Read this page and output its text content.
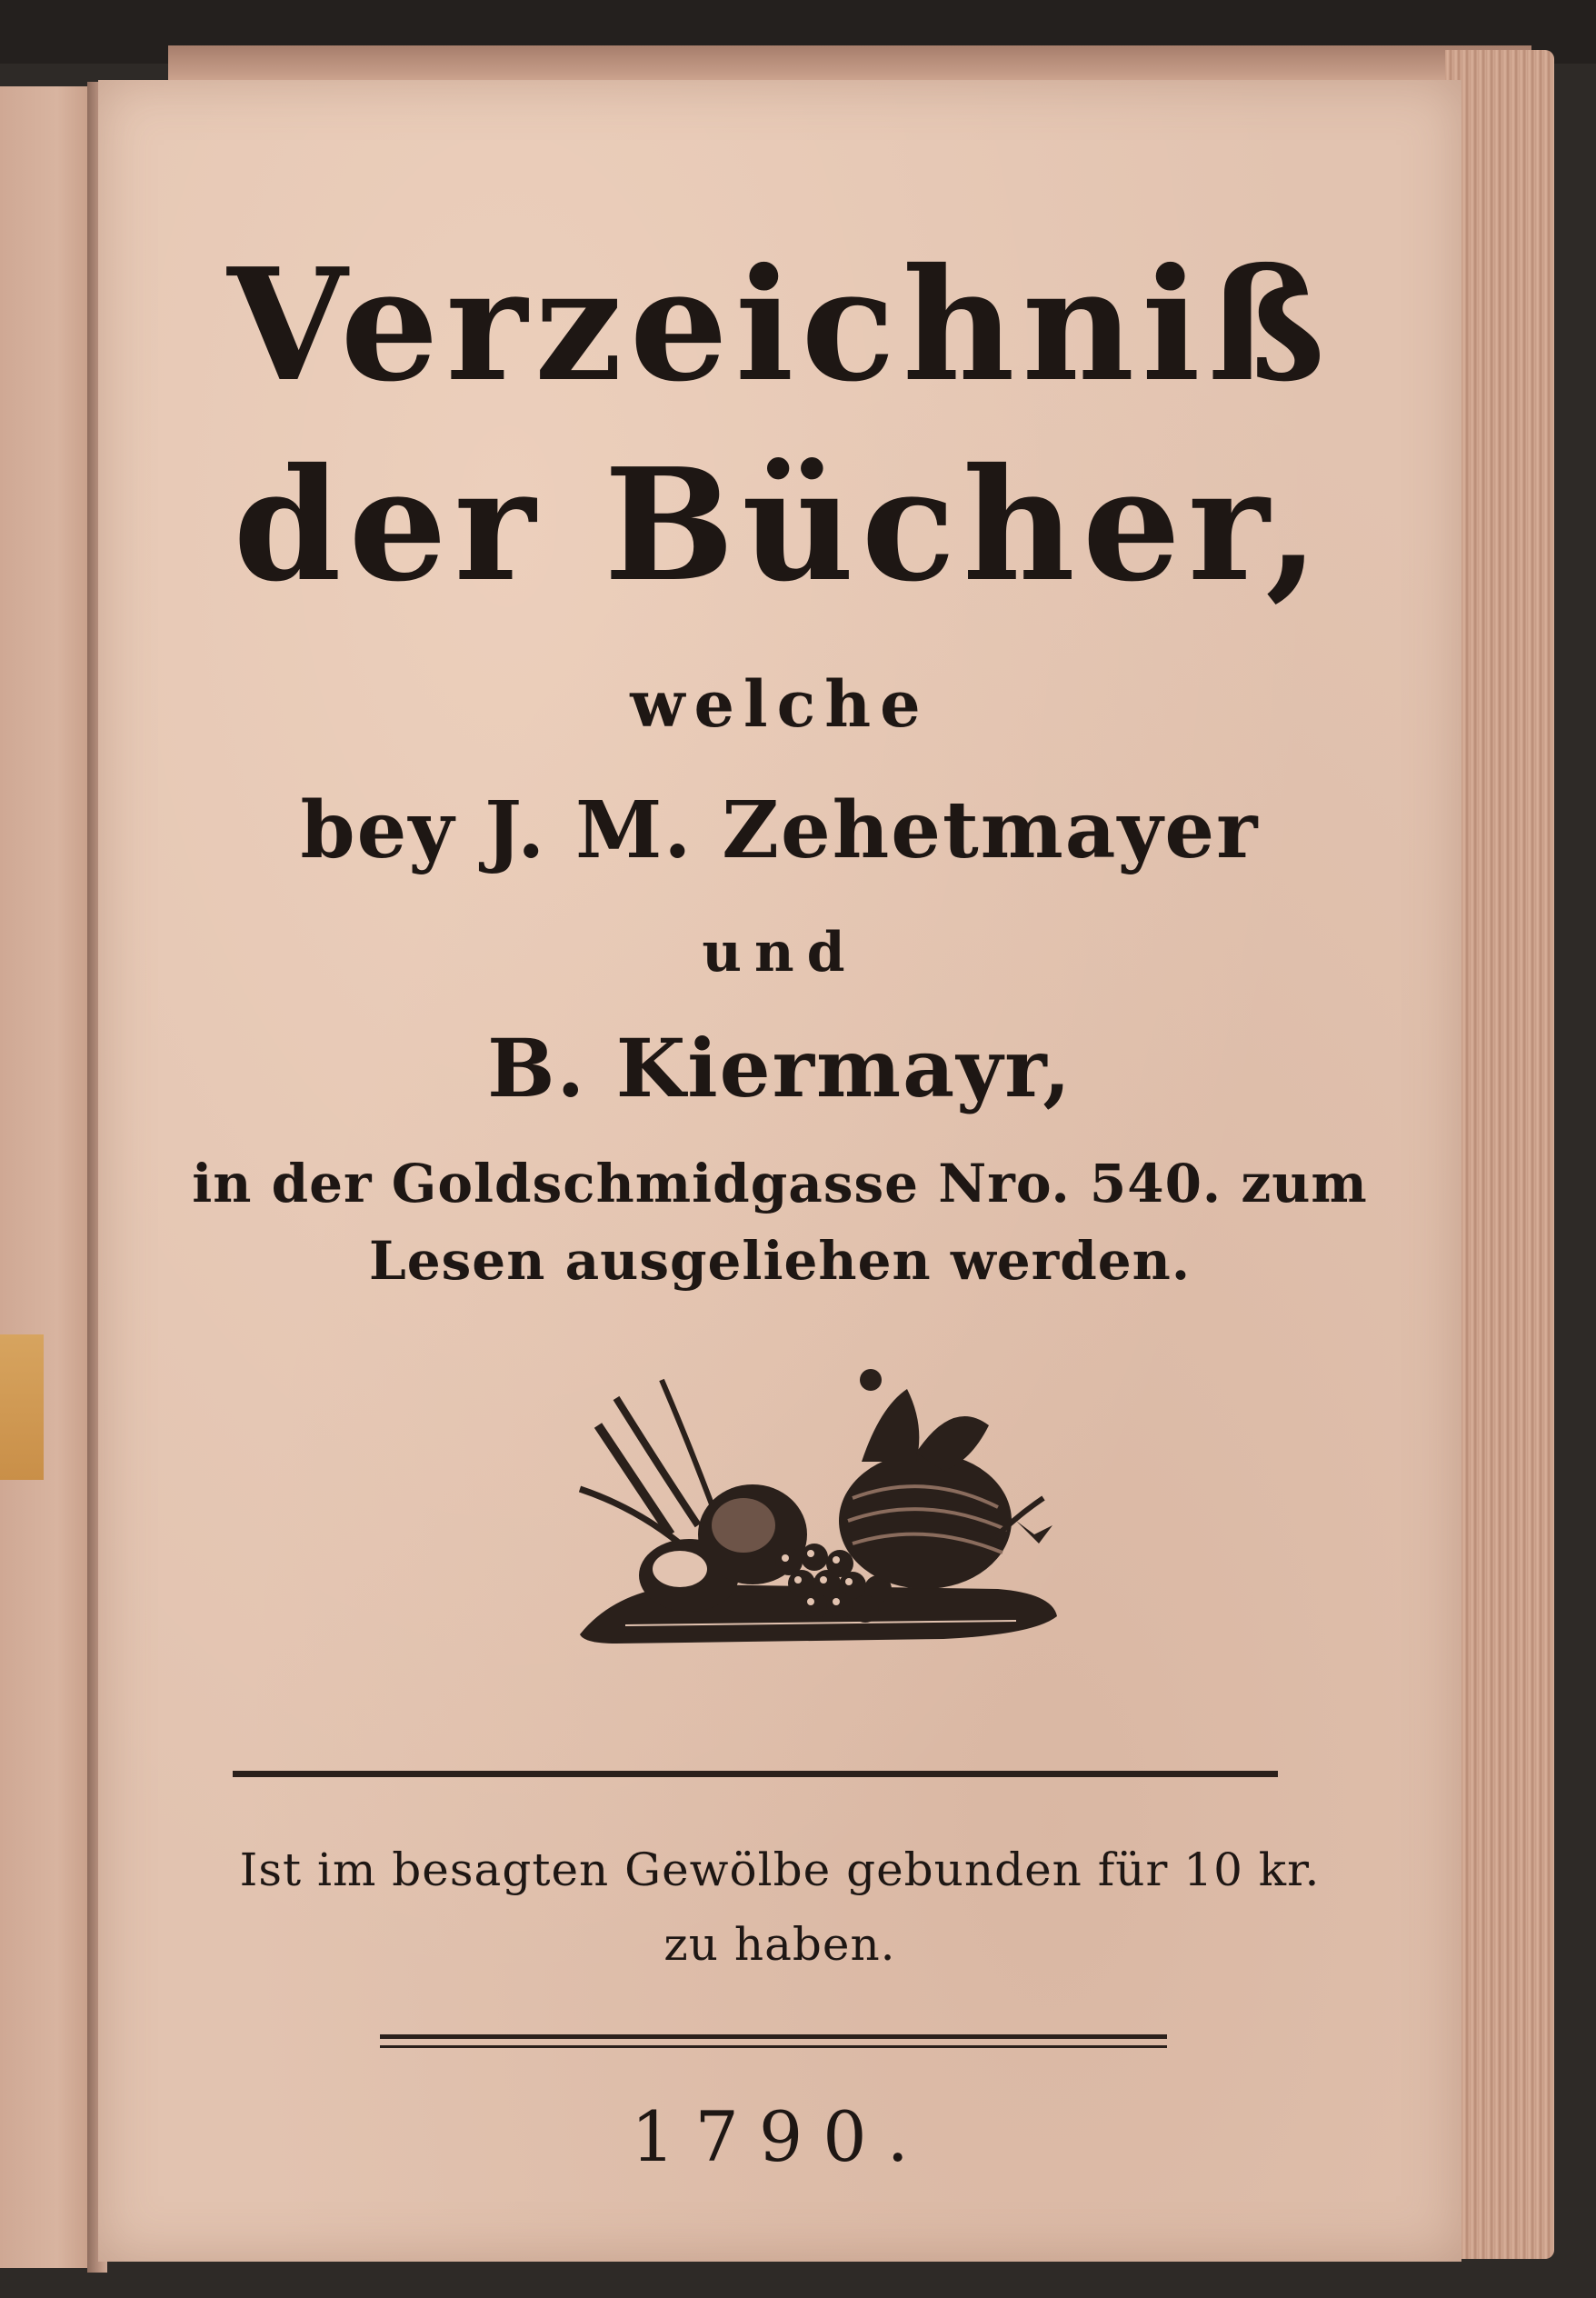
Verzeichniß
der Bücher,
welche
bey J. M. Zehetmayer
und
B. Kiermayr,
in der Goldschmidgasse Nro. 540. zum
Lesen ausgeliehen werden.
Ist im besagten Gewölbe gebunden für 10 kr.
zu haben.
1790.
